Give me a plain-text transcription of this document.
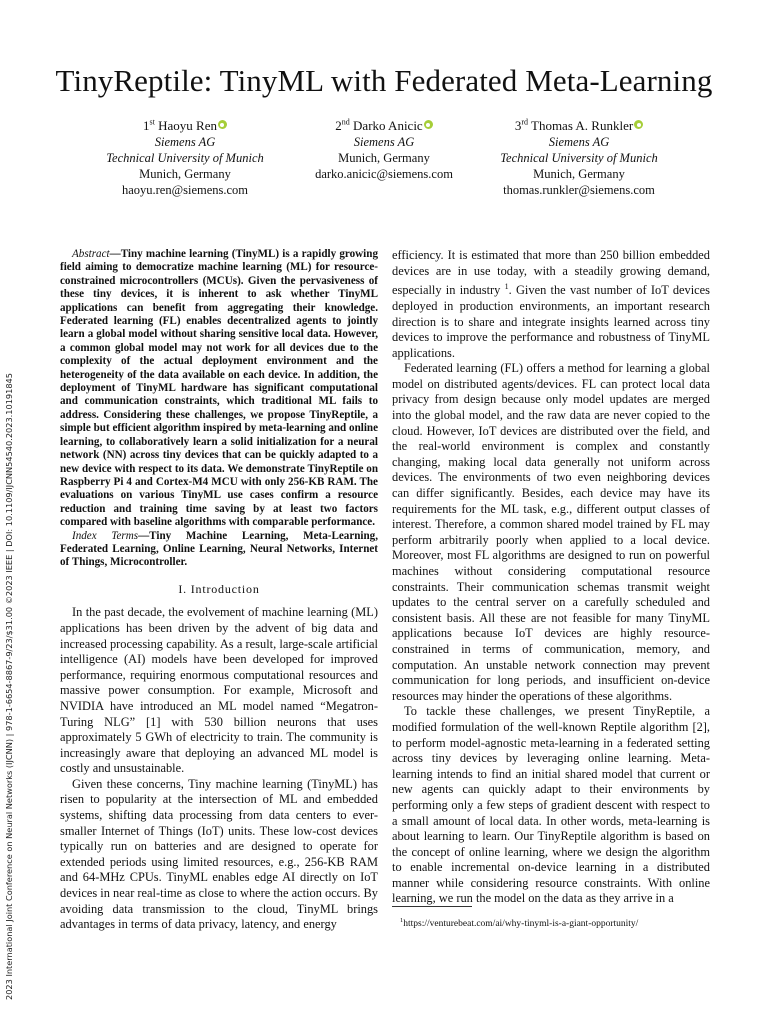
2023 International Joint Conference on Neural Networks (IJCNN) | 978-1-6654-8867-9/23/$31.00 ©2023 IEEE | DOI: 10.1109/IJCNN54540.2023.10191845
TinyReptile: TinyML with Federated Meta-Learning
1st Haoyu Ren
Siemens AG
Technical University of Munich
Munich, Germany
haoyu.ren@siemens.com
2nd Darko Anicic
Siemens AG
Munich, Germany
darko.anicic@siemens.com
3rd Thomas A. Runkler
Siemens AG
Technical University of Munich
Munich, Germany
thomas.runkler@siemens.com

Abstract—Tiny machine learning (TinyML) is a rapidly growing field aiming to democratize machine learning (ML) for resource-constrained microcontrollers (MCUs). Given the pervasiveness of these tiny devices, it is inherent to ask whether TinyML applications can benefit from aggregating their knowledge. Federated learning (FL) enables decentralized agents to jointly learn a global model without sharing sensitive local data. However, a common global model may not work for all devices due to the complexity of the actual deployment environment and the heterogeneity of the data available on each device. In addition, the deployment of TinyML hardware has significant computational and communication constraints, which traditional ML fails to address. Considering these challenges, we propose TinyReptile, a simple but efficient algorithm inspired by meta-learning and online learning, to collaboratively learn a solid initialization for a neural network (NN) across tiny devices that can be quickly adapted to a new device with respect to its data. We demonstrate TinyReptile on Raspberry Pi 4 and Cortex-M4 MCU with only 256-KB RAM. The evaluations on various TinyML use cases confirm a resource reduction and training time saving by at least two factors compared with baseline algorithms with comparable performance.

Index Terms—Tiny Machine Learning, Meta-Learning, Federated Learning, Online Learning, Neural Networks, Internet of Things, Microcontroller.

I. Introduction

In the past decade, the evolvement of machine learning (ML) applications has been driven by the advent of big data and increased processing capability. As a result, large-scale artificial intelligence (AI) models have been developed for improved performance, requiring enormous computational resources and massive power consumption. For example, Microsoft and NVIDIA have introduced an ML model named “Megatron-Turing NLG” [1] with 530 billion neurons that uses approximately 5 GWh of electricity to train. The community is increasingly aware that deploying an advanced ML model is costly and unsustainable.

Given these concerns, Tiny machine learning (TinyML) has risen to popularity at the intersection of ML and embedded systems, shifting data processing from data centers to ever-smaller Internet of Things (IoT) units. These low-cost devices typically run on batteries and are designed to operate for extended periods using limited resources, e.g., 256-KB RAM and 64-MHz CPUs. TinyML enables edge AI directly on IoT devices in near real-time as close to where the action occurs. By avoiding data transmission to the cloud, TinyML brings advantages in terms of data privacy, latency, and energy

efficiency. It is estimated that more than 250 billion embedded devices are in use today, with a steadily growing demand, especially in industry $^1$. Given the vast number of IoT devices deployed in production environments, an important research direction is to share and integrate insights learned across tiny devices to improve the performance and robustness of TinyML applications.

Federated learning (FL) offers a method for learning a global model on distributed agents/devices. FL can protect local data privacy from design because only model updates are merged into the global model, and the raw data are never copied to the cloud. However, IoT devices are distributed over the field, and the real-world environment is complex and constantly changing, making local data generally not uniform across devices. The environments of two even neighboring devices can differ significantly. Besides, each device may have its requirements for the ML task, e.g., different output classes of interest. Therefore, a common shared model trained by FL may perform arbitrarily poorly when applied to a local device. Moreover, most FL algorithms are designed to run on powerful machines without considering computational resource constraints. Their communication schemas transmit weight updates to the central server on a carefully scheduled and consistent basis. All these are not feasible for many TinyML applications because IoT devices are highly resource-constrained in terms of communication, memory, and computation. An unstable network connection may prevent communication for long periods, and insufficient on-device resources may hinder the operations of these algorithms.

To tackle these challenges, we present TinyReptile, a modified formulation of the well-known Reptile algorithm [2], to perform model-agnostic meta-learning in a federated setting across tiny devices by leveraging online learning. Meta-learning intends to find an initial shared model that current or new agents can quickly adapt to their environments by performing only a few steps of gradient descent with respect to a small amount of local data. In other words, meta-learning is about learning to learn. Our TinyReptile algorithm is based on the concept of online learning, where we design the algorithm to enable incremental on-device learning in a distributed manner while considering resource constraints. With online learning, we run the model on the data as they arrive in a

$^1$https://venturebeat.com/ai/why-tinyml-is-a-giant-opportunity/
